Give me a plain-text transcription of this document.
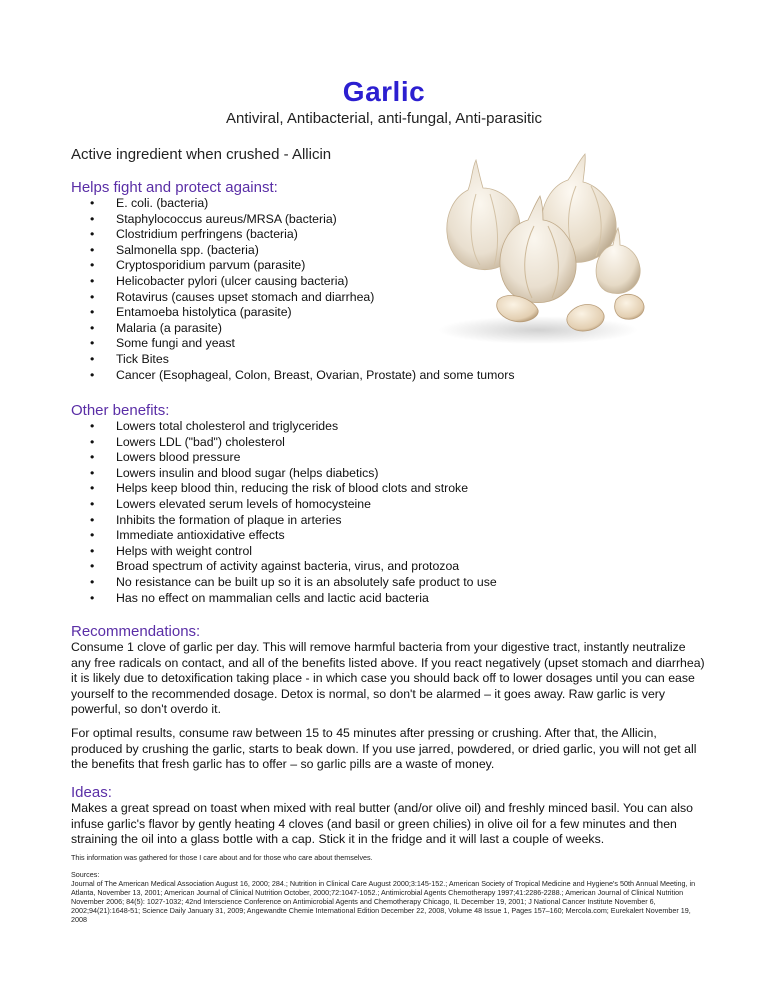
Garlic
Antiviral, Antibacterial, anti-fungal, Anti-parasitic
Active ingredient when crushed - Allicin
Helps fight and protect against:
• E. coli. (bacteria)
• Staphylococcus aureus/MRSA (bacteria)
• Clostridium perfringens (bacteria)
• Salmonella spp. (bacteria)
• Cryptosporidium parvum (parasite)
• Helicobacter pylori (ulcer causing bacteria)
• Rotavirus (causes upset stomach and diarrhea)
• Entamoeba histolytica (parasite)
• Malaria (a parasite)
• Some fungi and yeast
• Tick Bites
• Cancer (Esophageal, Colon, Breast, Ovarian, Prostate) and some tumors
Other benefits:
• Lowers total cholesterol and triglycerides
• Lowers LDL ("bad") cholesterol
• Lowers blood pressure
• Lowers insulin and blood sugar (helps diabetics)
• Helps keep blood thin, reducing the risk of blood clots and stroke
• Lowers elevated serum levels of homocysteine
• Inhibits the formation of plaque in arteries
• Immediate antioxidative effects
• Helps with weight control
• Broad spectrum of activity against bacteria, virus, and protozoa
• No resistance can be built up so it is an absolutely safe product to use
• Has no effect on mammalian cells and lactic acid bacteria
Recommendations:
Consume 1 clove of garlic per day. This will remove harmful bacteria from your digestive tract, instantly neutralize any free radicals on contact, and all of the benefits listed above. If you react negatively (upset stomach and diarrhea) it is likely due to detoxification taking place - in which case you should back off to lower dosages until you can ease yourself to the recommended dosage. Detox is normal, so don't be alarmed – it goes away. Raw garlic is very powerful, so don't overdo it.
For optimal results, consume raw between 15 to 45 minutes after pressing or crushing. After that, the Allicin, produced by crushing the garlic, starts to beak down. If you use jarred, powdered, or dried garlic, you will not get all the benefits that fresh garlic has to offer – so garlic pills are a waste of money.
Ideas:
Makes a great spread on toast when mixed with real butter (and/or olive oil) and freshly minced basil. You can also infuse garlic's flavor by gently heating 4 cloves (and basil or green chilies) in olive oil for a few minutes and then straining the oil into a glass bottle with a cap. Stick it in the fridge and it will last a couple of weeks.
This information was gathered for those I care about and for those who care about themselves.
Sources:
Journal of The American Medical Association August 16, 2000; 284.; Nutrition in Clinical Care August 2000;3:145-152.; American Society of Tropical Medicine and Hygiene's 50th Annual Meeting, in Atlanta, November 13, 2001; American Journal of Clinical Nutrition October, 2000;72:1047-1052.; Antimicrobial Agents Chemotherapy 1997;41:2286-2288.; American Journal of Clinical Nutrition November 2006; 84(5): 1027-1032; 42nd Interscience Conference on Antimicrobial Agents and Chemotherapy Chicago, IL December 19, 2001; J National Cancer Institute November 6, 2002;94(21):1648-51; Science Daily January 31, 2009; Angewandte Chemie International Edition December 22, 2008, Volume 48 Issue 1, Pages 157–160; Mercola.com; Eurekalert November 19, 2008
